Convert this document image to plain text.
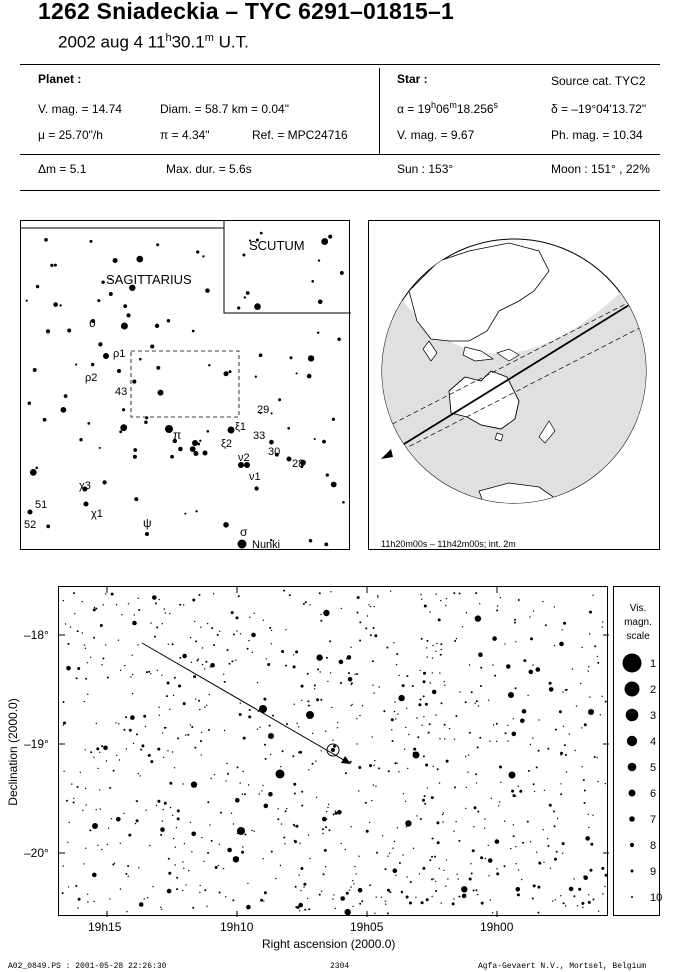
1262 Sniadeckia – TYC 6291–01815–1
2002 aug 4 11$^h$30.1$^m$ U.T.
Planet :	Star :	Source cat. TYC2
V. mag. = 14.74	Diam. = 58.7 km = 0.04"	$\alpha = 19^h06^m18.256^s$	δ = –19°04'13.72"
μ = 25.70"/h	π = 4.34"	Ref. = MPC24716	V. mag. = 9.67	Ph. mag. = 10.34
Δm = 5.1	Max. dur. = 5.6s	Sun : 153°	Moon : 151° , 22%
SAGITTARIUS
SCUTUM
υ
ρ1
ρ2
43
29
ξ1
π	33
ξ2
30
ν2	28
ν1
χ3
χ1
51
52	ψ
σ
Nunki	11h20m00s – 11h42m00s; int. 2m
–18°
–19°
–20°
19h15	19h10	19h05	19h00
Right ascension (2000.0)
Declination (2000.0)
Vis.
magn.
scale
1
2
3
4
5
6
7
8
9
10
A02_0849.PS : 2001-05-28 22:26:30	2304	Agfa-Gevaert N.V., Mortsel, Belgium
